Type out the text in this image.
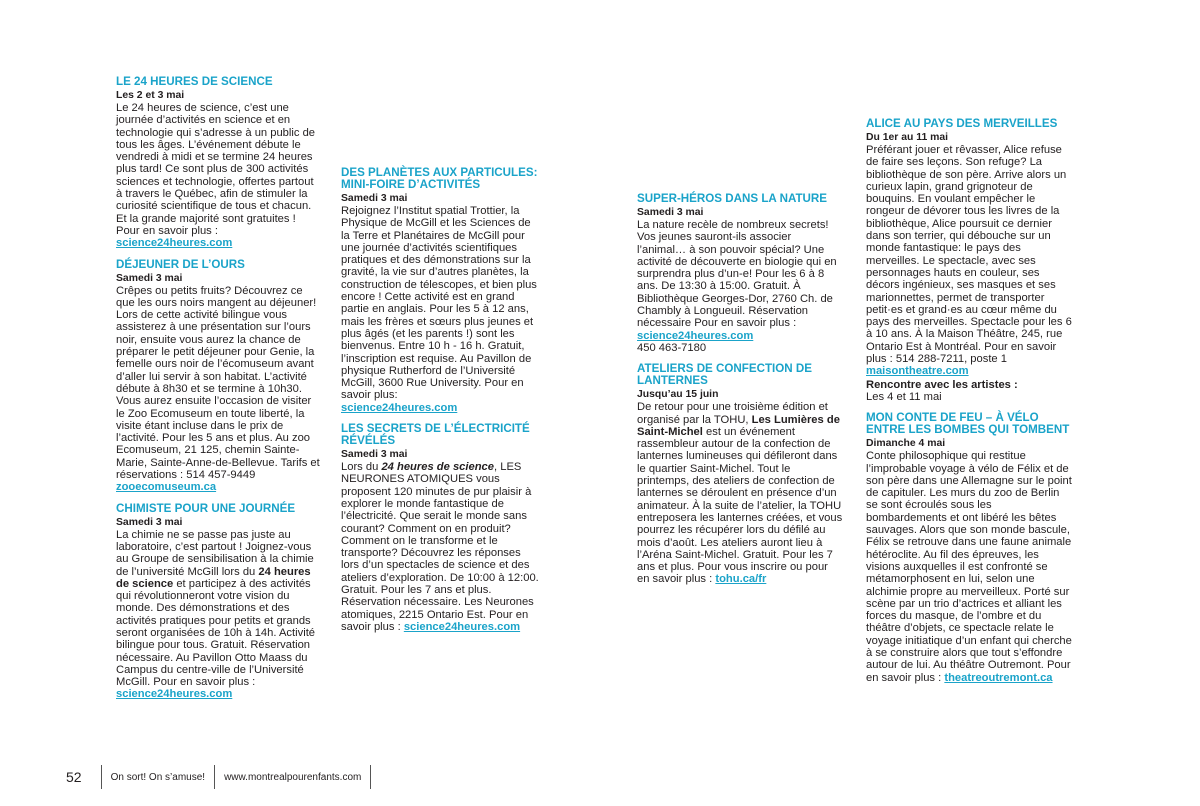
LE 24 HEURES DE SCIENCE
Les 2 et 3 mai
Le 24 heures de science, c’est une journée d’activités en science et en technologie qui s’adresse à un public de tous les âges. L’événement débute le vendredi à midi et se termine 24 heures plus tard! Ce sont plus de 300 activités sciences et technologie, offertes partout à travers le Québec, afin de stimuler la curiosité scientifique de tous et chacun. Et la grande majorité sont gratuites ! Pour en savoir plus :
science24heures.com
DÉJEUNER DE L’OURS
Samedi 3 mai
Crêpes ou petits fruits? Découvrez ce que les ours noirs mangent au déjeuner! Lors de cette activité bilingue vous assisterez à une présentation sur l’ours noir, ensuite vous aurez la chance de préparer le petit déjeuner pour Genie, la femelle ours noir de l’écomuseum avant d’aller lui servir à son habitat. L’activité débute à 8h30 et se termine à 10h30. Vous aurez ensuite l’occasion de visiter le Zoo Ecomuseum en toute liberté, la visite étant incluse dans le prix de l’activité. Pour les 5 ans et plus. Au zoo Ecomuseum, 21 125, chemin Sainte-Marie, Sainte-Anne-de-Bellevue. Tarifs et réservations : 514 457-9449
zooecomuseum.ca
CHIMISTE POUR UNE JOURNÉE
Samedi 3 mai
La chimie ne se passe pas juste au laboratoire, c’est partout ! Joignez-vous au Groupe de sensibilisation à la chimie de l’université McGill lors du 24 heures de science et participez à des activités qui révolutionneront votre vision du monde. Des démonstrations et des activités pratiques pour petits et grands seront organisées de 10h à 14h. Activité bilingue pour tous. Gratuit. Réservation nécessaire. Au Pavillon Otto Maass du Campus du centre-ville de l’Université McGill. Pour en savoir plus :
science24heures.com
DES PLANÈTES AUX PARTICULES: MINI-FOIRE D’ACTIVITÉS
Samedi 3 mai
Rejoignez l’Institut spatial Trottier, la Physique de McGill et les Sciences de la Terre et Planétaires de McGill pour une journée d’activités scientifiques pratiques et des démonstrations sur la gravité, la vie sur d’autres planètes, la construction de télescopes, et bien plus encore ! Cette activité est en grand partie en anglais. Pour les 5 à 12 ans, mais les frères et sœurs plus jeunes et plus âgés (et les parents !) sont les bienvenus. Entre 10 h - 16 h. Gratuit, l’inscription est requise. Au Pavillon de physique Rutherford de l’Université McGill, 3600 Rue University. Pour en savoir plus:
science24heures.com
LES SECRETS DE L’ÉLECTRICITÉ RÉVÉLÉS
Samedi 3 mai
Lors du 24 heures de science, LES NEURONES ATOMIQUES vous proposent 120 minutes de pur plaisir à explorer le monde fantastique de l’électricité. Que serait le monde sans courant? Comment on en produit? Comment on le transforme et le transporte? Découvrez les réponses lors d’un spectacles de science et des ateliers d’exploration. De 10:00 à 12:00. Gratuit. Pour les 7 ans et plus. Réservation nécessaire. Les Neurones atomiques, 2215 Ontario Est. Pour en savoir plus : science24heures.com
SUPER-HÉROS DANS LA NATURE
Samedi 3 mai
La nature recèle de nombreux secrets! Vos jeunes sauront-ils associer l’animal… à son pouvoir spécial? Une activité de découverte en biologie qui en surprendra plus d’un-e! Pour les 6 à 8 ans. De 13:30 à 15:00. Gratuit. À Bibliothèque Georges-Dor, 2760 Ch. de Chambly à Longueuil. Réservation nécessaire Pour en savoir plus : science24heures.com
450 463-7180
ATELIERS DE CONFECTION DE LANTERNES
Jusqu’au 15 juin
De retour pour une troisième édition et organisé par la TOHU, Les Lumières de Saint-Michel est un événement rassembleur autour de la confection de lanternes lumineuses qui défileront dans le quartier Saint-Michel. Tout le printemps, des ateliers de confection de lanternes se déroulent en présence d’un animateur. À la suite de l’atelier, la TOHU entreposera les lanternes créées, et vous pourrez les récupérer lors du défilé au mois d’août. Les ateliers auront lieu à l’Aréna Saint-Michel. Gratuit. Pour les 7 ans et plus. Pour vous inscrire ou pour en savoir plus : tohu.ca/fr
ALICE AU PAYS DES MERVEILLES
Du 1er au 11 mai
Préférant jouer et rêvasser, Alice refuse de faire ses leçons. Son refuge? La bibliothèque de son père. Arrive alors un curieux lapin, grand grignoteur de bouquins. En voulant empêcher le rongeur de dévorer tous les livres de la bibliothèque, Alice poursuit ce dernier dans son terrier, qui débouche sur un monde fantastique: le pays des merveilles. Le spectacle, avec ses personnages hauts en couleur, ses décors ingénieux, ses masques et ses marionnettes, permet de transporter petit·es et grand·es au cœur même du pays des merveilles. Spectacle pour les 6 à 10 ans. À la Maison Théâtre, 245, rue Ontario Est à Montréal. Pour en savoir plus : 514 288-7211, poste 1
maisontheatre.com
Rencontre avec les artistes :
Les 4 et 11 mai
MON CONTE DE FEU – À VÉLO ENTRE LES BOMBES QUI TOMBENT
Dimanche 4 mai
Conte philosophique qui restitue l’improbable voyage à vélo de Félix et de son père dans une Allemagne sur le point de capituler. Les murs du zoo de Berlin se sont écroulés sous les bombardements et ont libéré les bêtes sauvages. Alors que son monde bascule, Félix se retrouve dans une faune animale hétéroclite. Au fil des épreuves, les visions auxquelles il est confronté se métamorphosent en lui, selon une alchimie propre au merveilleux. Porté sur scène par un trio d’actrices et alliant les forces du masque, de l’ombre et du théâtre d’objets, ce spectacle relate le voyage initiatique d’un enfant qui cherche à se construire alors que tout s’effondre autour de lui. Au théâtre Outremont. Pour en savoir plus : theatreoutremont.ca
52	On sort! On s’amuse! www.montrealpourenfants.com
